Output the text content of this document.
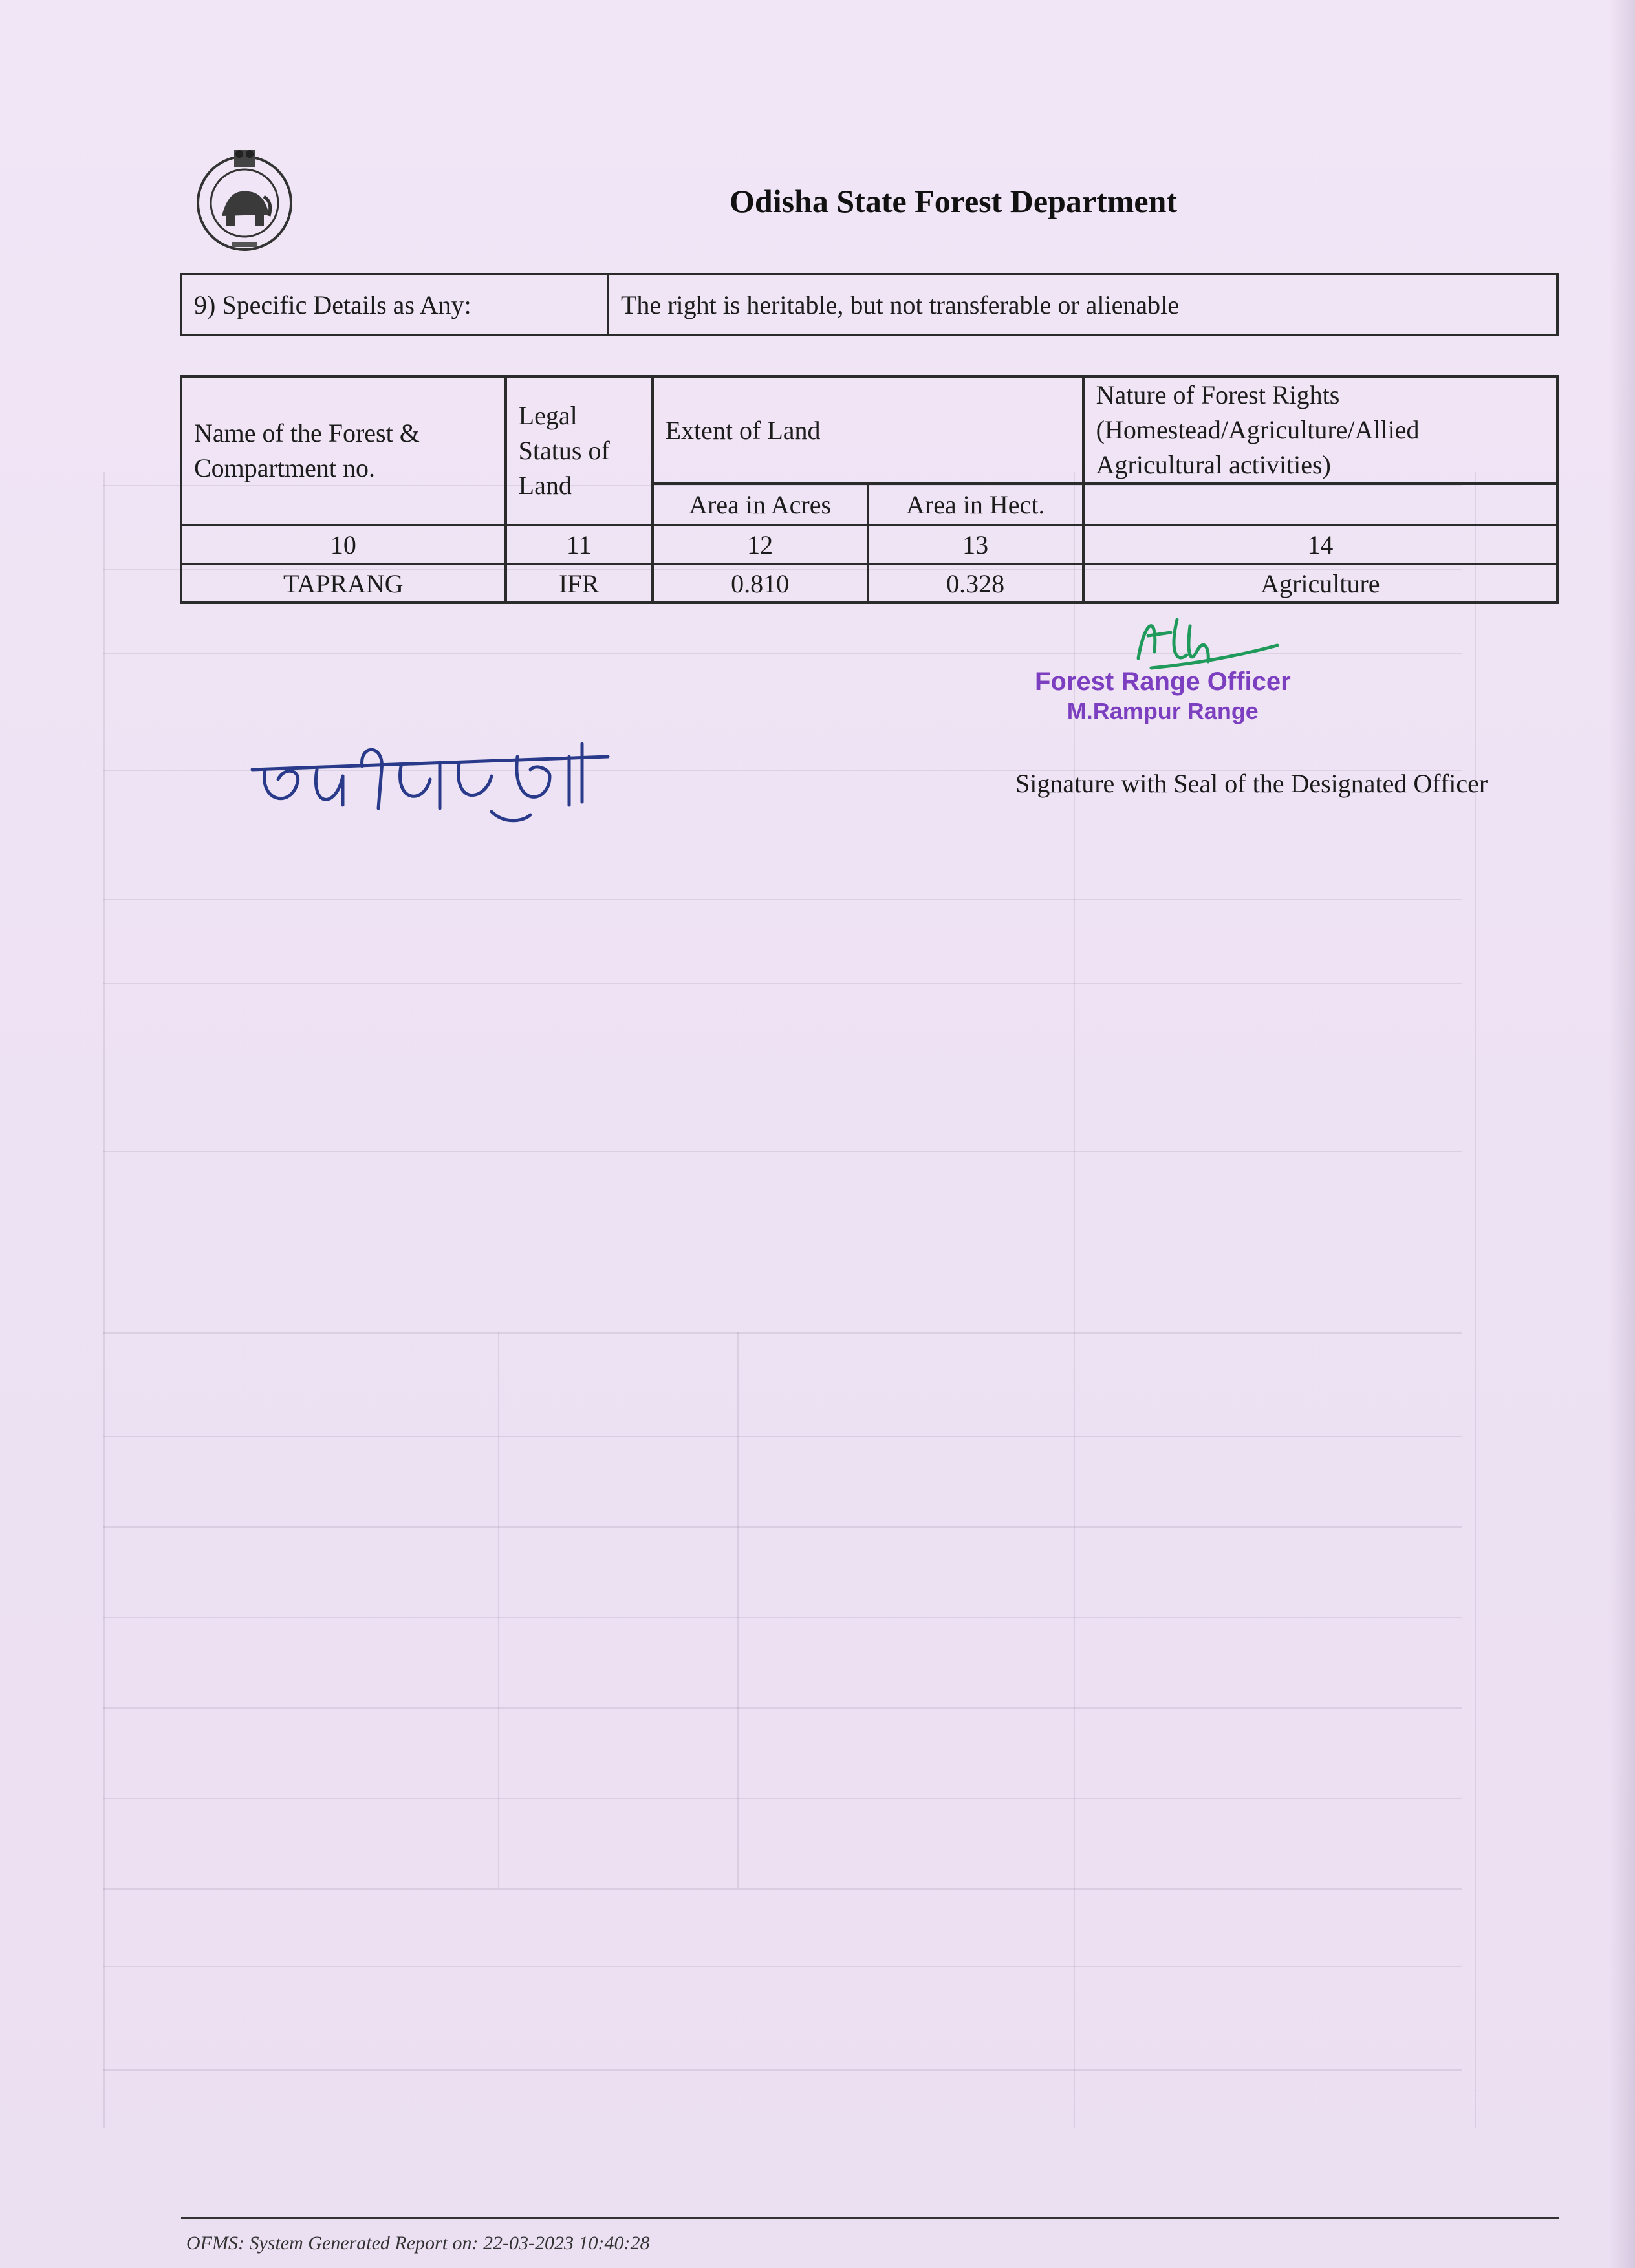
Odisha State Forest Department
9) Specific Details as Any:	The right is heritable, but not transferable or alienable
Name of the Forest & Compartment no.	Legal Status of Land	Extent of Land		Nature of Forest Rights (Homestead/Agriculture/Allied Agricultural activities)
		Area in Acres	Area in Hect.	
10	11	12	13	14
TAPRANG	IFR	0.810	0.328	Agriculture
Forest Range Officer
M.Rampur Range
Signature with Seal of the Designated Officer
OFMS: System Generated Report on: 22-03-2023 10:40:28
